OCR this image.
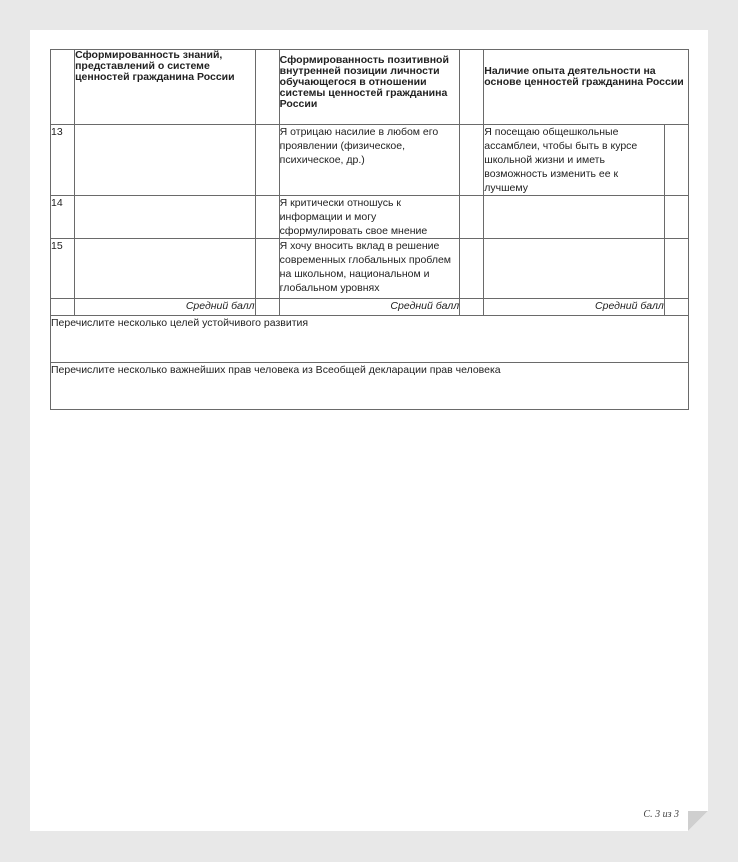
	Сформированность знаний, представлений о системе ценностей гражданина России		Сформированность позитивной внутренней позиции личности обучающегося в отношении системы ценностей гражданина России		Наличие опыта деятельности на основе ценностей гражданина России	
13			Я отрицаю насилие в любом его проявлении (физическое, психическое, др.)		Я посещаю общешкольные ассамблеи, чтобы быть в курсе школьной жизни и иметь возможность изменить ее к лучшему	
14			Я критически отношусь к информации и могу сформулировать свое мнение			
15			Я хочу вносить вклад в решение современных глобальных проблем на школьном, национальном и глобальном уровнях			
	Средний балл		Средний балл		Средний балл	
Перечислите несколько целей устойчивого развития						
Перечислите несколько важнейших прав человека из Всеобщей декларации прав человека						
С. 3 из 3
